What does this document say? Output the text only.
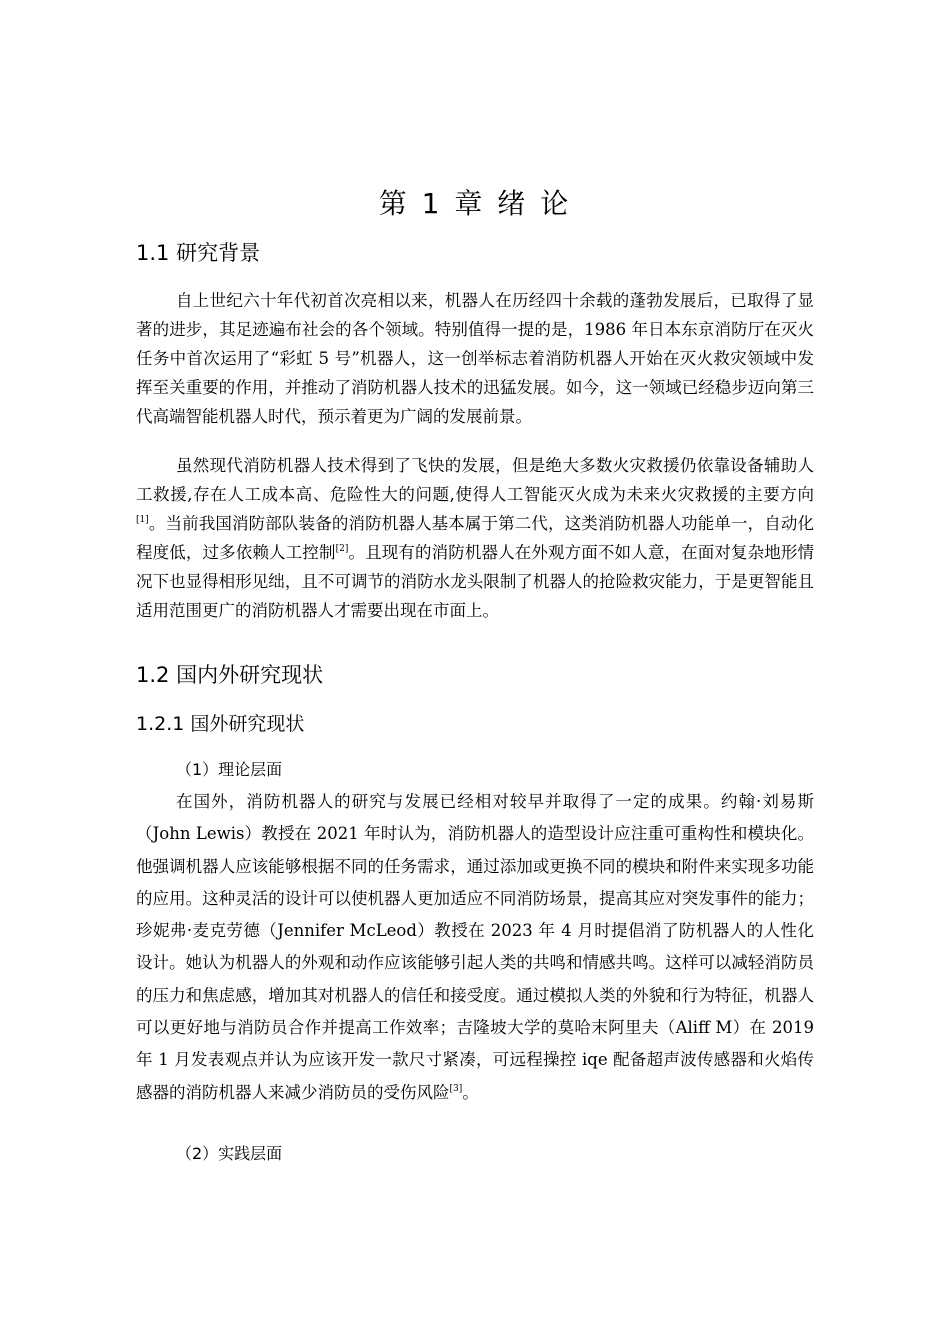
第 1 章 绪 论
1.1 研究背景

自上世纪六十年代初首次亮相以来，机器人在历经四十余载的蓬勃发展后，已取得了显著的进步，其足迹遍布社会的各个领域。特别值得一提的是，1986 年日本东京消防厅在灭火任务中首次运用了“彩虹 5 号”机器人，这一创举标志着消防机器人开始在灭火救灾领域中发挥至关重要的作用，并推动了消防机器人技术的迅猛发展。如今，这一领域已经稳步迈向第三代高端智能机器人时代，预示着更为广阔的发展前景。

虽然现代消防机器人技术得到了飞快的发展，但是绝大多数火灾救援仍依靠设备辅助人工救援,存在人工成本高、危险性大的问题,使得人工智能灭火成为未来火灾救援的主要方向[1]。当前我国消防部队装备的消防机器人基本属于第二代，这类消防机器人功能单一，自动化程度低，过多依赖人工控制[2]。且现有的消防机器人在外观方面不如人意，在面对复杂地形情况下也显得相形见绌，且不可调节的消防水龙头限制了机器人的抢险救灾能力，于是更智能且适用范围更广的消防机器人才需要出现在市面上。

1.2 国内外研究现状
1.2.1 国外研究现状
（1）理论层面

在国外，消防机器人的研究与发展已经相对较早并取得了一定的成果。约翰·刘易斯（John Lewis）教授在 2021 年时认为，消防机器人的造型设计应注重可重构性和模块化。他强调机器人应该能够根据不同的任务需求，通过添加或更换不同的模块和附件来实现多功能的应用。这种灵活的设计可以使机器人更加适应不同消防场景，提高其应对突发事件的能力；珍妮弗·麦克劳德（Jennifer McLeod）教授在 2023 年 4 月时提倡消了防机器人的人性化设计。她认为机器人的外观和动作应该能够引起人类的共鸣和情感共鸣。这样可以减轻消防员的压力和焦虑感，增加其对机器人的信任和接受度。通过模拟人类的外貌和行为特征，机器人可以更好地与消防员合作并提高工作效率；吉隆坡大学的莫哈末阿里夫（Aliff M）在 2019 年 1 月发表观点并认为应该开发一款尺寸紧凑，可远程操控 iqe 配备超声波传感器和火焰传感器的消防机器人来减少消防员的受伤风险[3]。

（2）实践层面
